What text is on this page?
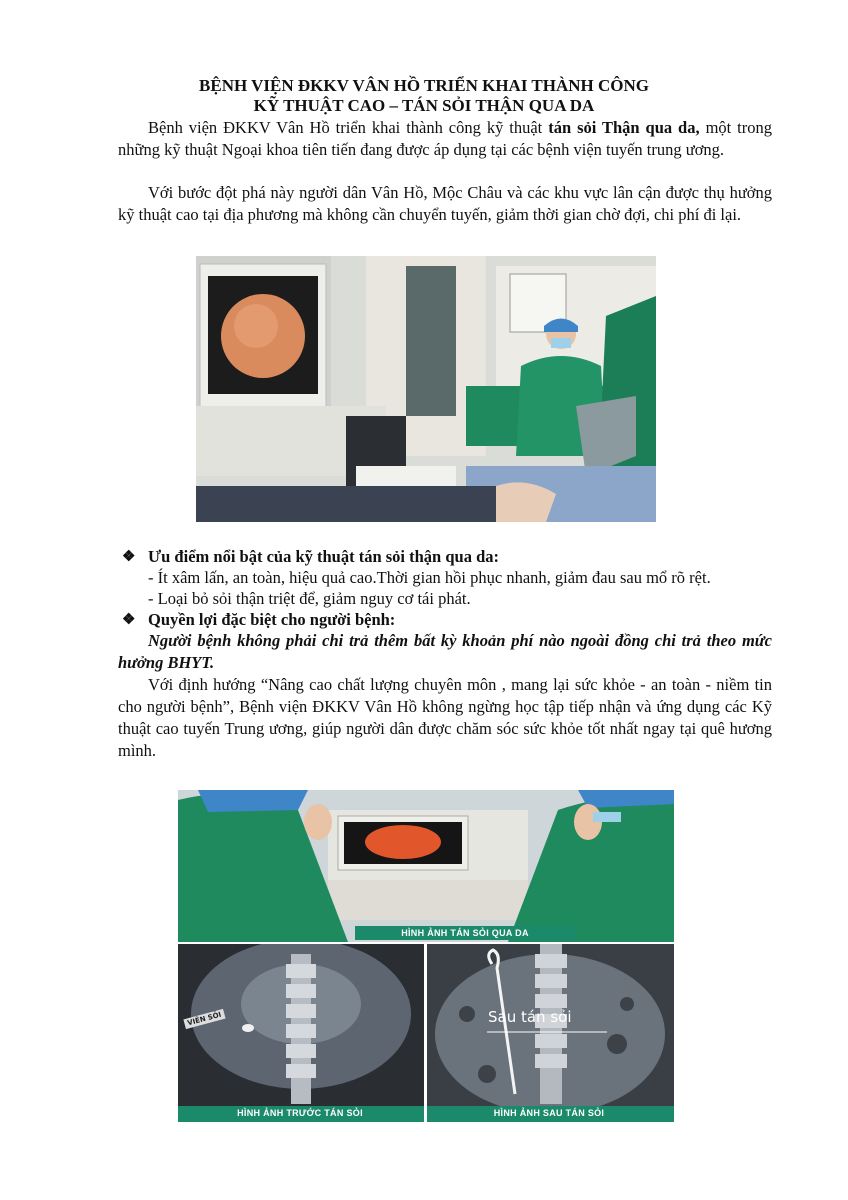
BỆNH VIỆN ĐKKV VÂN HỒ TRIỂN KHAI THÀNH CÔNG
KỸ THUẬT CAO – TÁN SỎI THẬN QUA DA

Bệnh viện ĐKKV Vân Hồ triển khai thành công kỹ thuật tán sỏi Thận qua da, một trong những kỹ thuật Ngoại khoa tiên tiến đang được áp dụng tại các bệnh viện tuyến trung ương.

Với bước đột phá này người dân Vân Hồ, Mộc Châu và các khu vực lân cận được thụ hưởng kỹ thuật cao tại địa phương mà không cần chuyển tuyến, giảm thời gian chờ đợi, chi phí đi lại.

❖ Ưu điểm nổi bật của kỹ thuật tán sỏi thận qua da:
- Ít xâm lấn, an toàn, hiệu quả cao.Thời gian hồi phục nhanh, giảm đau sau mổ rõ rệt.
- Loại bỏ sỏi thận triệt để, giảm nguy cơ tái phát.
❖ Quyền lợi đặc biệt cho người bệnh:

Người bệnh không phải chi trả thêm bất kỳ khoản phí nào ngoài đồng chi trả theo mức hưởng BHYT.

Với định hướng “Nâng cao chất lượng chuyên môn , mang lại sức khỏe - an toàn - niềm tin cho người bệnh”, Bệnh viện ĐKKV Vân Hồ không ngừng học tập tiếp nhận và ứng dụng các Kỹ thuật cao tuyến Trung ương, giúp người dân được chăm sóc sức khỏe tốt nhất ngay tại quê hương mình.

HÌNH ẢNH TÁN SỎI QUA DA
VIÊN SỎI
HÌNH ẢNH TRƯỚC TÁN SỎI
Sau tán sỏi
HÌNH ẢNH SAU TÁN SỎI
